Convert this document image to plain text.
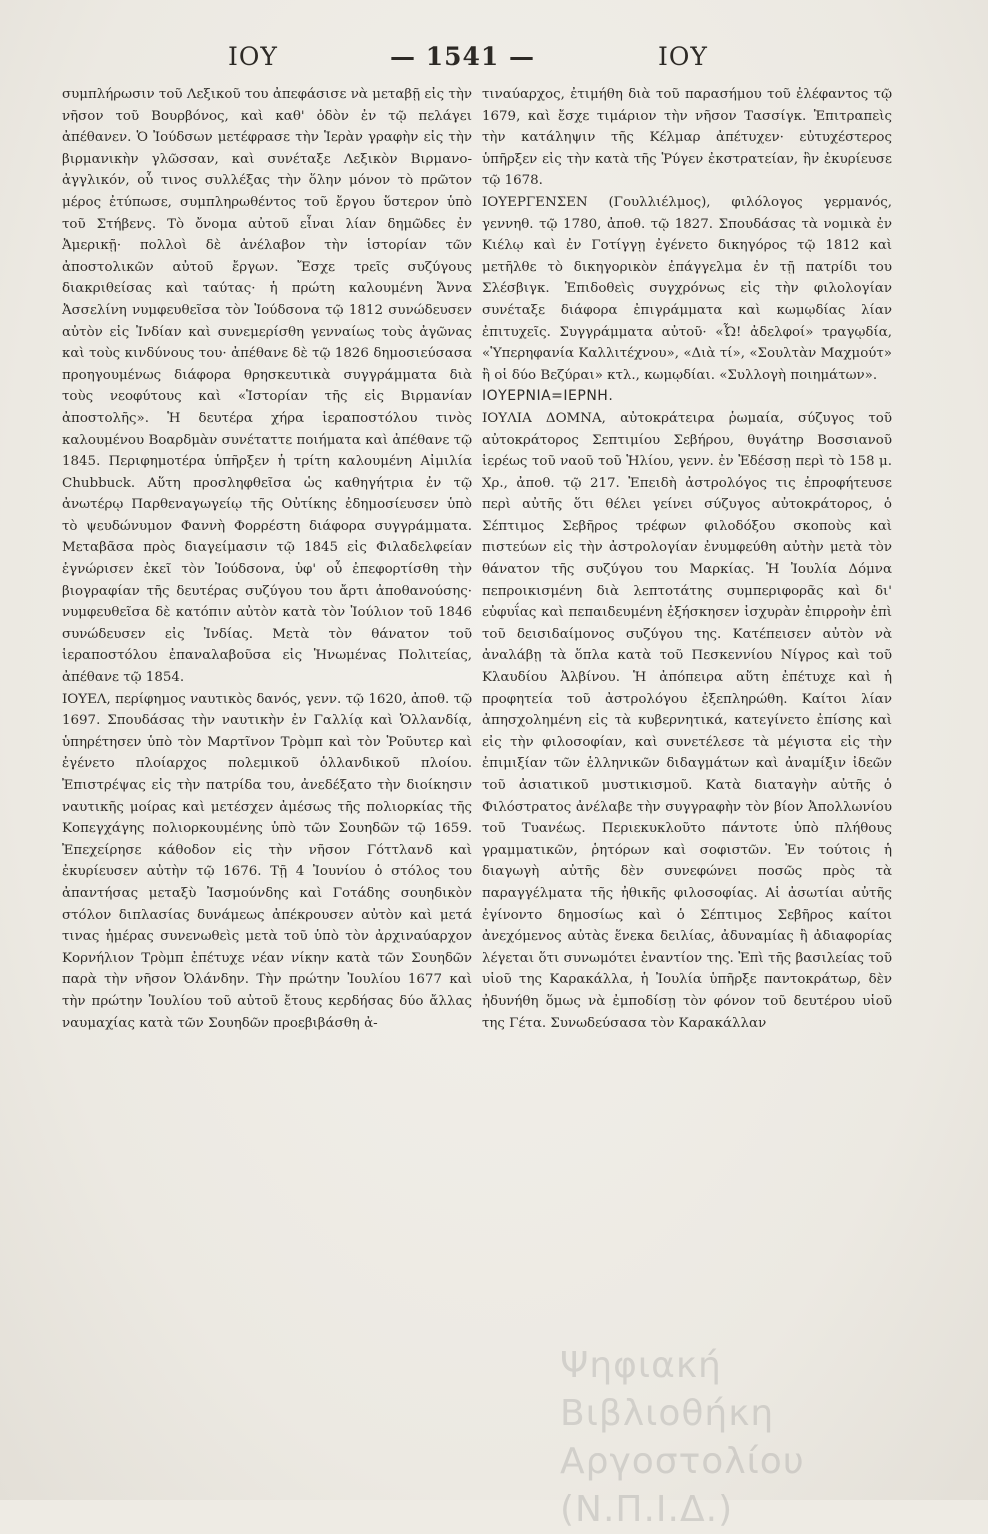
ΙΟΥ	— 1541 —	ΙΟΥ

συμπλήρωσιν τοῦ Λεξικοῦ του ἀπεφάσισε νὰ μεταβῇ εἰς τὴν νῆσον τοῦ Βουρβόνος, καὶ καθ' ὁδὸν ἐν τῷ πελάγει ἀπέθανεν. Ὁ Ἰούδσων μετέφρασε τὴν Ἱερὰν γραφὴν εἰς τὴν βιρμανικὴν γλῶσσαν, καὶ συνέταξε Λεξικὸν Βιρμανο-ἀγγλικόν, οὗ τινος συλλέξας τὴν ὅλην μόνον τὸ πρῶτον μέρος ἐτύπωσε, συμπληρωθέντος τοῦ ἔργου ὕστερον ὑπὸ τοῦ Στήβενς. Τὸ ὄνομα αὐτοῦ εἶναι λίαν δημῶδες ἐν Ἀμερικῇ· πολλοὶ δὲ ἀνέλαβον τὴν ἱστορίαν τῶν ἀποστολικῶν αὐτοῦ ἔργων. Ἔσχε τρεῖς συζύγους διακριθείσας καὶ ταύτας· ἡ πρώτη καλουμένη Ἄννα Ἀσσελίνη νυμφευθεῖσα τὸν Ἰούδσονα τῷ 1812 συνώδευσεν αὐτὸν εἰς Ἰνδίαν καὶ συνεμερίσθη γενναίως τοὺς ἀγῶνας καὶ τοὺς κινδύνους του· ἀπέθανε δὲ τῷ 1826 δημοσιεύσασα προηγουμένως διάφορα θρησκευτικὰ συγγράμματα διὰ τοὺς νεοφύτους καὶ «Ἱστορίαν τῆς εἰς Βιρμανίαν ἀποστολῆς». Ἡ δευτέρα χήρα ἱεραποστόλου τινὸς καλουμένου Βοαρδμὰν συνέταττε ποιήματα καὶ ἀπέθανε τῷ 1845. Περιφημοτέρα ὑπῆρξεν ἡ τρίτη καλουμένη Αἰμιλία Chubbuck. Αὕτη προσληφθεῖσα ὡς καθηγήτρια ἐν τῷ ἀνωτέρῳ Παρθεναγωγείῳ τῆς Οὐτίκης ἐδημοσίευσεν ὑπὸ τὸ ψευδώνυμον Φαννὴ Φορρέστη διάφορα συγγράμματα. Μεταβᾶσα πρὸς διαγείμασιν τῷ 1845 εἰς Φιλαδελφείαν ἐγνώρισεν ἐκεῖ τὸν Ἰούδσονα, ὑφ' οὗ ἐπεφορτίσθη τὴν βιογραφίαν τῆς δευτέρας συζύγου του ἄρτι ἀποθανούσης· νυμφευθεῖσα δὲ κατόπιν αὐτὸν κατὰ τὸν Ἰούλιον τοῦ 1846 συνώδευσεν εἰς Ἰνδίας. Μετὰ τὸν θάνατον τοῦ ἱεραποστόλου ἐπαναλαβοῦσα εἰς Ἡνωμένας Πολιτείας, ἀπέθανε τῷ 1854.

ΙΟΥΕΛ, περίφημος ναυτικὸς δανός, γενν. τῷ 1620, ἀποθ. τῷ 1697. Σπουδάσας τὴν ναυτικὴν ἐν Γαλλίᾳ καὶ Ὁλλανδίᾳ, ὑπηρέτησεν ὑπὸ τὸν Μαρτῖνον Τρὸμπ καὶ τὸν Ῥοῦυτερ καὶ ἐγένετο πλοίαρχος πολεμικοῦ ὁλλανδικοῦ πλοίου. Ἐπιστρέψας εἰς τὴν πατρίδα του, ἀνεδέξατο τὴν διοίκησιν ναυτικῆς μοίρας καὶ μετέσχεν ἀμέσως τῆς πολιορκίας τῆς Κοπεγχάγης πολιορκουμένης ὑπὸ τῶν Σουηδῶν τῷ 1659. Ἐπεχείρησε κάθοδον εἰς τὴν νῆσον Γόττλανδ καὶ ἐκυρίευσεν αὐτὴν τῷ 1676. Τῇ 4 Ἰουνίου ὁ στόλος του ἀπαντήσας μεταξὺ Ἰασμούνδης καὶ Γοτάδης σουηδικὸν στόλον διπλασίας δυνάμεως ἀπέκρουσεν αὐτὸν καὶ μετά τινας ἡμέρας συνενωθεὶς μετὰ τοῦ ὑπὸ τὸν ἀρχιναύαρχον Κορνήλιον Τρὸμπ ἐπέτυχε νέαν νίκην κατὰ τῶν Σουηδῶν παρὰ τὴν νῆσον Ὀλάνδην. Τὴν πρώτην Ἰουλίου 1677 καὶ τὴν πρώτην Ἰουλίου τοῦ αὐτοῦ ἔτους κερδήσας δύο ἄλλας ναυμαχίας κατὰ τῶν Σουηδῶν προεβιβάσθη ἀ-

τιναύαρχος, ἐτιμήθη διὰ τοῦ παρασήμου τοῦ ἐλέφαντος τῷ 1679, καὶ ἔσχε τιμάριον τὴν νῆσον Τασσίγκ. Ἐπιτραπεὶς τὴν κατάληψιν τῆς Κέλμαρ ἀπέτυχεν· εὐτυχέστερος ὑπῆρξεν εἰς τὴν κατὰ τῆς Ῥύγεν ἐκστρατείαν, ἣν ἐκυρίευσε τῷ 1678.

ΙΟΥΕΡΓΕΝΣΕΝ (Γουλλιέλμος), φιλόλογος γερμανός, γεννηθ. τῷ 1780, ἀποθ. τῷ 1827. Σπουδάσας τὰ νομικὰ ἐν Κιέλῳ καὶ ἐν Γοτίγγῃ ἐγένετο δικηγόρος τῷ 1812 καὶ μετῆλθε τὸ δικηγορικὸν ἐπάγγελμα ἐν τῇ πατρίδι του Σλέσβιγκ. Ἐπιδοθεὶς συγχρόνως εἰς τὴν φιλολογίαν συνέταξε διάφορα ἐπιγράμματα καὶ κωμῳδίας λίαν ἐπιτυχεῖς. Συγγράμματα αὐτοῦ· «Ὦ! ἀδελφοί» τραγῳδία, «Ὑπερηφανία Καλλιτέχνου», «Διὰ τί», «Σουλτὰν Μαχμούτ» ἢ οἱ δύο Βεζύραι» κτλ., κωμῳδίαι. «Συλλογὴ ποιημάτων».

ΙΟΥΕΡΝΙΑ=ΙΕΡΝΗ.

ΙΟΥΛΙΑ ΔΟΜΝΑ, αὐτοκράτειρα ῥωμαία, σύζυγος τοῦ αὐτοκράτορος Σεπτιμίου Σεβήρου, θυγάτηρ Βοσσιανοῦ ἱερέως τοῦ ναοῦ τοῦ Ἡλίου, γενν. ἐν Ἐδέσσῃ περὶ τὸ 158 μ. Χρ., ἀποθ. τῷ 217. Ἐπειδὴ ἀστρολόγος τις ἐπροφήτευσε περὶ αὐτῆς ὅτι θέλει γείνει σύζυγος αὐτοκράτορος, ὁ Σέπτιμος Σεβῆρος τρέφων φιλοδόξου σκοποὺς καὶ πιστεύων εἰς τὴν ἀστρολογίαν ἐνυμφεύθη αὐτὴν μετὰ τὸν θάνατον τῆς συζύγου του Μαρκίας. Ἡ Ἰουλία Δόμνα πεπροικισμένη διὰ λεπτοτάτης συμπεριφορᾶς καὶ δι' εὐφυΐας καὶ πεπαιδευμένη ἐξήσκησεν ἰσχυρὰν ἐπιρροὴν ἐπὶ τοῦ δεισιδαίμονος συζύγου της. Κατέπεισεν αὐτὸν νὰ ἀναλάβῃ τὰ ὅπλα κατὰ τοῦ Πεσκεννίου Νίγρος καὶ τοῦ Κλαυδίου Ἀλβίνου. Ἡ ἀπόπειρα αὕτη ἐπέτυχε καὶ ἡ προφητεία τοῦ ἀστρολόγου ἐξεπληρώθη. Καίτοι λίαν ἀπησχολημένη εἰς τὰ κυβερνητικά, κατεγίνετο ἐπίσης καὶ εἰς τὴν φιλοσοφίαν, καὶ συνετέλεσε τὰ μέγιστα εἰς τὴν ἐπιμιξίαν τῶν ἑλληνικῶν διδαγμάτων καὶ ἀναμίξιν ἰδεῶν τοῦ ἀσιατικοῦ μυστικισμοῦ. Κατὰ διαταγὴν αὐτῆς ὁ Φιλόστρατος ἀνέλαβε τὴν συγγραφὴν τὸν βίον Ἀπολλωνίου τοῦ Τυανέως. Περιεκυκλοῦτο πάντοτε ὑπὸ πλήθους γραμματικῶν, ῥητόρων καὶ σοφιστῶν. Ἐν τούτοις ἡ διαγωγὴ αὐτῆς δὲν συνεφώνει ποσῶς πρὸς τὰ παραγγέλματα τῆς ἠθικῆς φιλοσοφίας. Αἱ ἀσωτίαι αὐτῆς ἐγίνοντο δημοσίως καὶ ὁ Σέπτιμος Σεβῆρος καίτοι ἀνεχόμενος αὐτὰς ἕνεκα δειλίας, ἀδυναμίας ἢ ἀδιαφορίας λέγεται ὅτι συνωμότει ἐναντίον της. Ἐπὶ τῆς βασιλείας τοῦ υἱοῦ της Καρακάλλα, ἡ Ἰουλία ὑπῆρξε παντοκράτωρ, δὲν ἠδυνήθη ὅμως νὰ ἐμποδίσῃ τὸν φόνον τοῦ δευτέρου υἱοῦ της Γέτα. Συνωδεύσασα τὸν Καρακάλλαν

Ψηφιακή Βιβλιοθήκη Αργοστολίου (Ν.Π.Ι.Δ.)
